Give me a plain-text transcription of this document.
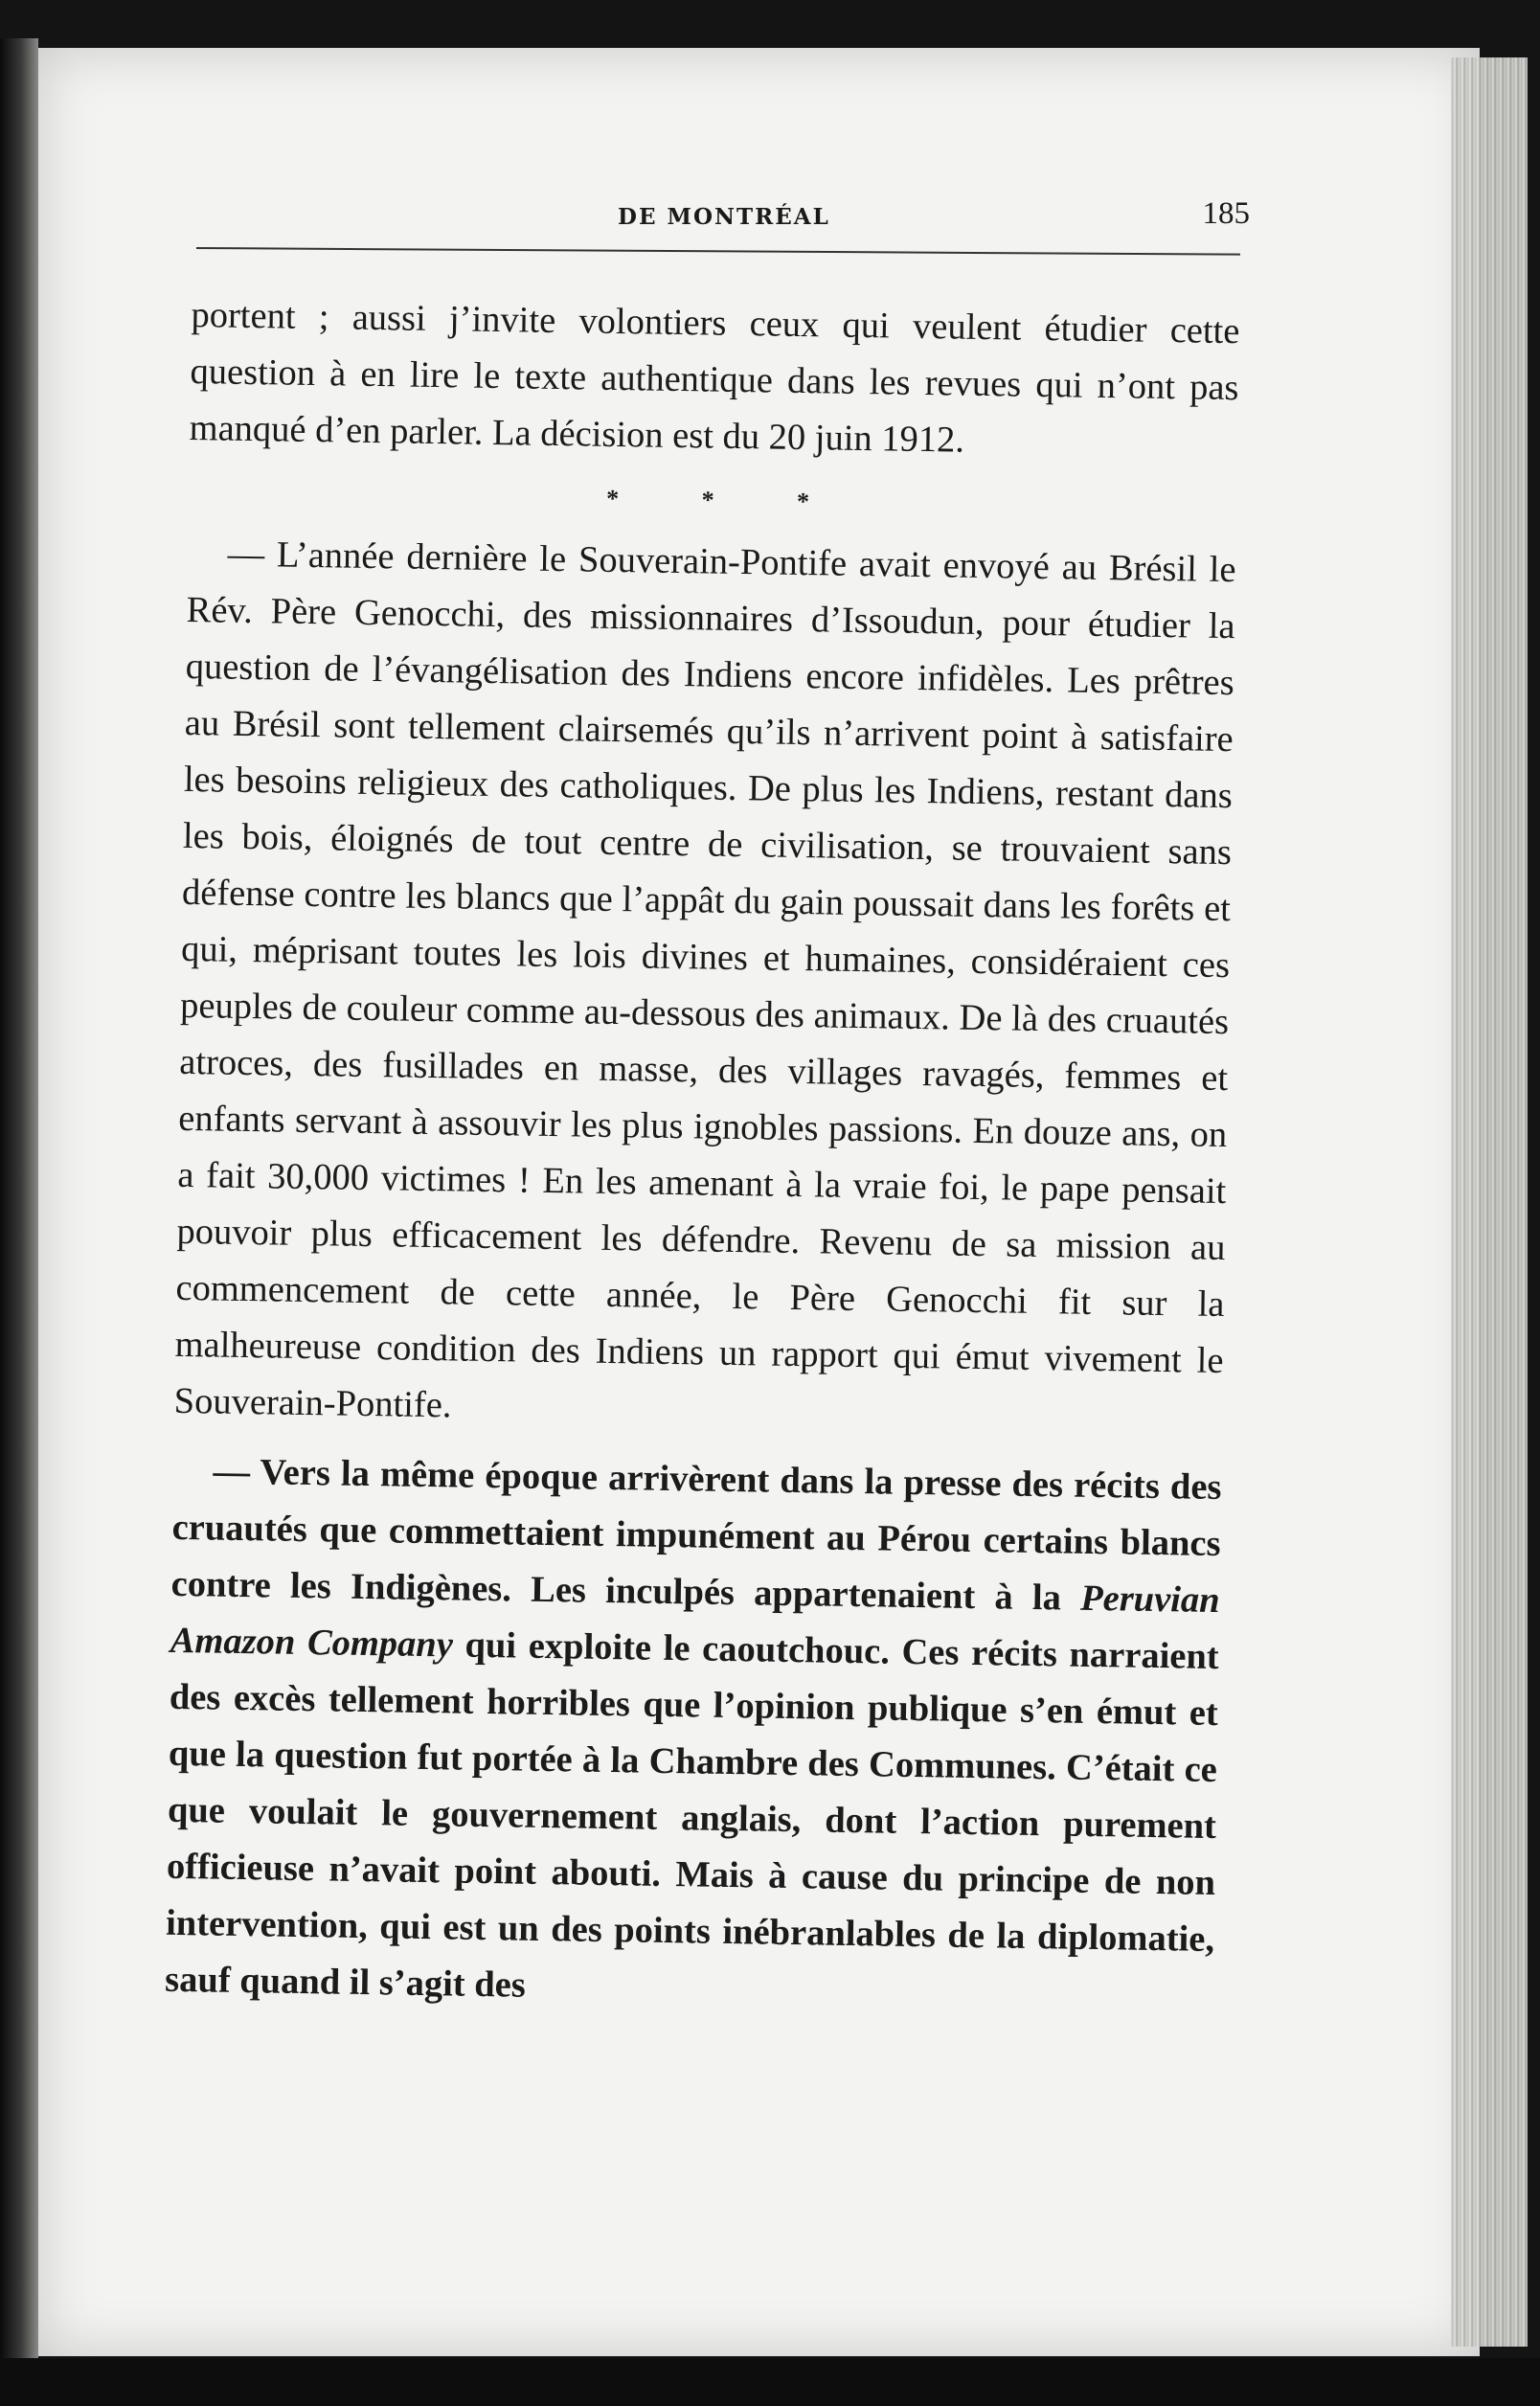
DE MONTRÉAL	185

portent ; aussi j’invite volontiers ceux qui veulent étudier cette question à en lire le texte authentique dans les revues qui n’ont pas manqué d’en parler. La décision est du 20 juin 1912.

* * *

— L’année dernière le Souverain-Pontife avait envoyé au Brésil le Rév. Père Genocchi, des missionnaires d’Issoudun, pour étudier la question de l’évangélisation des Indiens encore infidèles. Les prêtres au Brésil sont tellement clairsemés qu’ils n’arrivent point à satisfaire les besoins religieux des catholiques. De plus les Indiens, restant dans les bois, éloignés de tout centre de civilisation, se trouvaient sans défense contre les blancs que l’appât du gain poussait dans les forêts et qui, méprisant toutes les lois divines et humaines, considéraient ces peuples de couleur comme au-dessous des animaux. De là des cruautés atroces, des fusillades en masse, des villages ravagés, femmes et enfants servant à assouvir les plus ignobles passions. En douze ans, on a fait 30,000 victimes ! En les amenant à la vraie foi, le pape pensait pouvoir plus efficacement les défendre. Revenu de sa mission au commencement de cette année, le Père Genocchi fit sur la malheureuse condition des Indiens un rapport qui émut vivement le Souverain-Pontife.

— Vers la même époque arrivèrent dans la presse des récits des cruautés que commettaient impunément au Pérou certains blancs contre les Indigènes. Les inculpés appartenaient à la Peruvian Amazon Company qui exploite le caoutchouc. Ces récits narraient des excès tellement horribles que l’opinion publique s’en émut et que la question fut portée à la Chambre des Communes. C’était ce que voulait le gouvernement anglais, dont l’action purement officieuse n’avait point abouti. Mais à cause du principe de non intervention, qui est un des points inébranlables de la diplomatie, sauf quand il s’agit des
